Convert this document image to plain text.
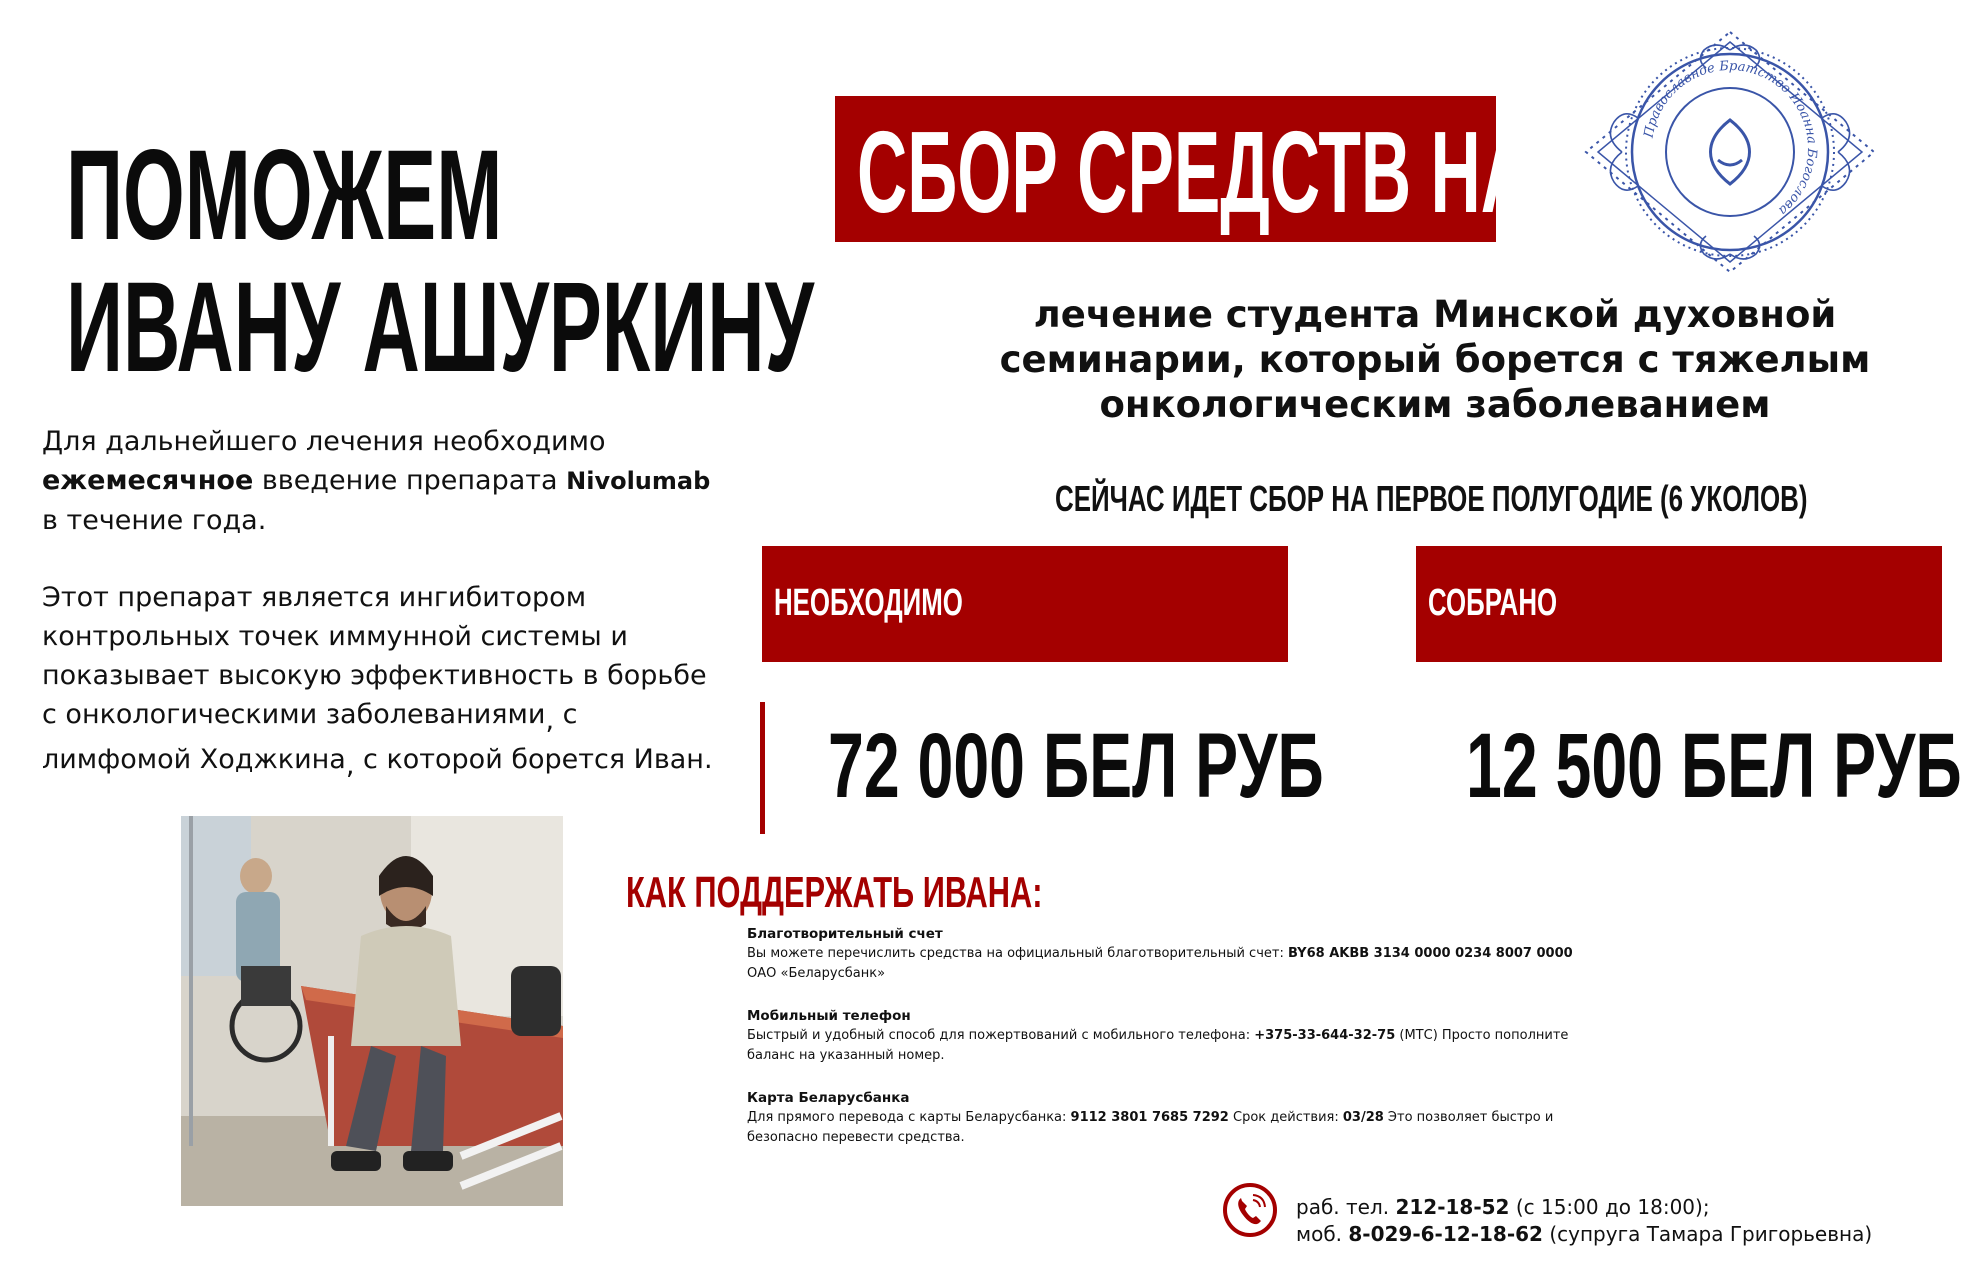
ПОМОЖЕМ
ИВАНУ АШУРКИНУ
СБОР СРЕДСТВ НА	Православное Братство Иоанна Богослова
лечение студента Минской духовной
семинарии, который борется с тяжелым
онкологическим заболеванием
СЕЙЧАС ИДЕТ СБОР НА ПЕРВОЕ ПОЛУГОДИЕ (6 УКОЛОВ)
Для дальнейшего лечения необходимо
ежемесячное введение препарата Nivolumab в течение года.
Этот препарат является ингибитором контрольных точек иммунной системы и показывает высокую эффективность в борьбе с онкологическими заболеваниями, с лимфомой Ходжкина, с которой борется Иван.
НЕОБХОДИМО	СОБРАНО
72 000 БЕЛ РУБ 12 500 БЕЛ РУБ
КАК ПОДДЕРЖАТЬ ИВАНА:
Благотворительный счет
Вы можете перечислить средства на официальный благотворительный счет: BY68 AKBB 3134 0000 0234 8007 0000
ОАО «Беларусбанк»
Мобильный телефон
Быстрый и удобный способ для пожертвований с мобильного телефона: +375-33-644-32-75 (МТС) Просто пополните баланс на указанный номер.
Карта Беларусбанка
Для прямого перевода с карты Беларусбанка: 9112 3801 7685 7292 Срок действия: 03/28 Это позволяет быстро и безопасно перевести средства.
раб. тел. 212-18-52 (с 15:00 до 18:00);
моб. 8-029-6-12-18-62 (супруга Тамара Григорьевна)
